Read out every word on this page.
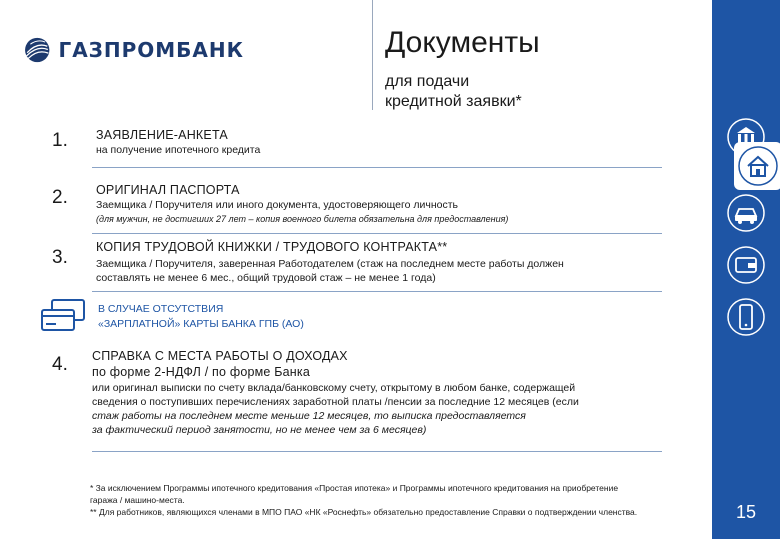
ГАЗПРОМБАНК	Документы
для подачи
кредитной заявки*
1. ЗАЯВЛЕНИЕ-АНКЕТА
на получение ипотечного кредита
2. ОРИГИНАЛ ПАСПОРТА
Заемщика / Поручителя или иного документа, удостоверяющего личность
(для мужчин, не достигших 27 лет – копия военного билета обязательна для предоставления)
3. КОПИЯ ТРУДОВОЙ КНИЖКИ / ТРУДОВОГО КОНТРАКТА**
Заемщика / Поручителя, заверенная Работодателем (стаж на последнем месте работы должен
составлять не менее 6 мес., общий трудовой стаж – не менее 1 года)
В СЛУЧАЕ ОТСУТСТВИЯ
«ЗАРПЛАТНОЙ» КАРТЫ БАНКА ГПБ (АО)
4. СПРАВКА С МЕСТА РАБОТЫ О ДОХОДАХ
по форме 2-НДФЛ / по форме Банка
или оригинал выписки по счету вклада/банковскому счету, открытому в любом банке, содержащей
сведения о поступивших перечислениях заработной платы /пенсии за последние 12 месяцев (если
стаж работы на последнем месте меньше 12 месяцев, то выписка предоставляется
за фактический период занятости, но не менее чем за 6 месяцев)
* За исключением Программы ипотечного кредитования «Простая ипотека» и Программы ипотечного кредитования на приобретение
гаража / машино-места.
** Для работников, являющихся членами в МПО ПАО «НК «Роснефть» обязательно предоставление Справки о подтверждении членства.	15
